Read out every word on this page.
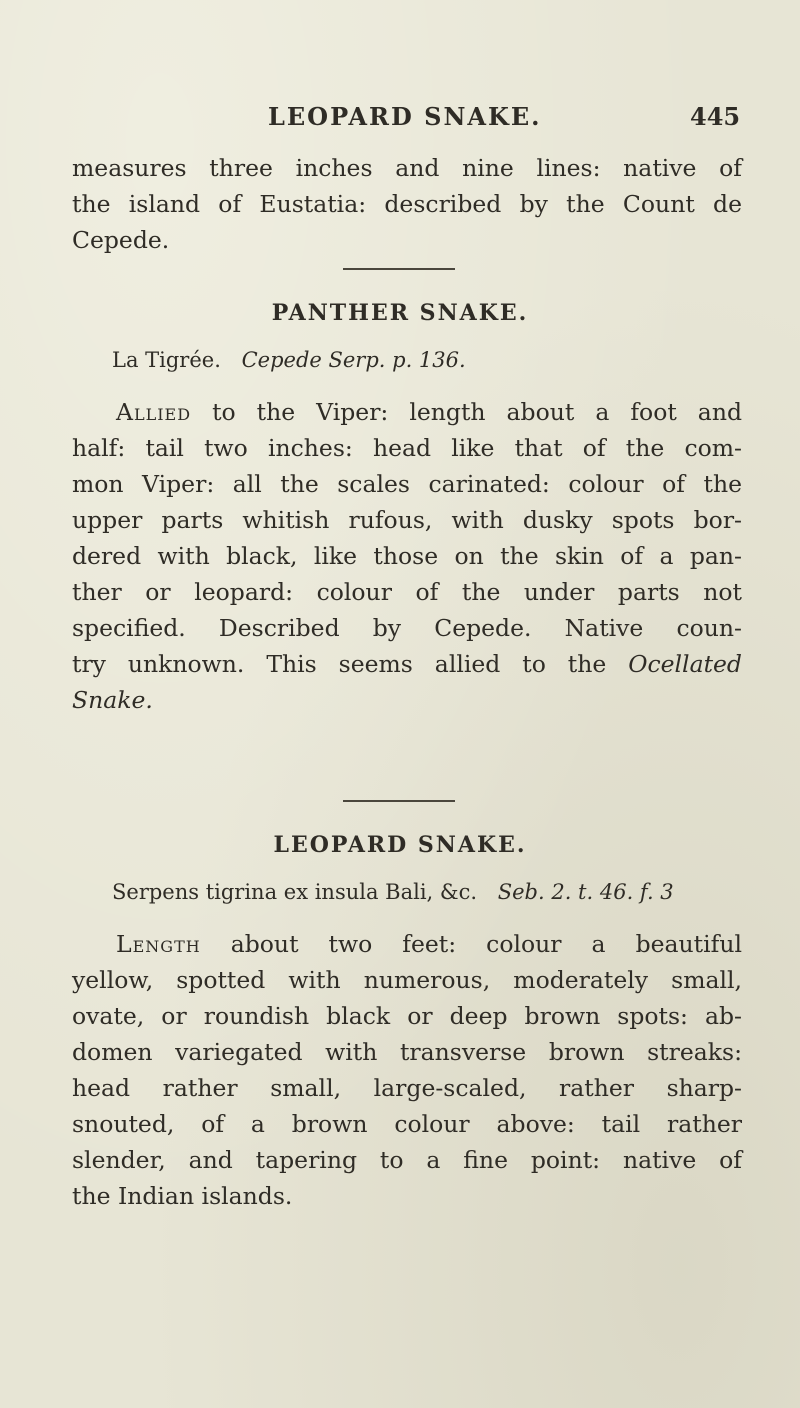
LEOPARD SNAKE.	445
measures three inches and nine lines: native of
the island of Eustatia: described by the Count de
Cepede.
PANTHER SNAKE.
La Tigrée. Cepede Serp. p. 136.
Allied to the Viper: length about a foot and
half: tail two inches: head like that of the com-
mon Viper: all the scales carinated: colour of the
upper parts whitish rufous, with dusky spots bor-
dered with black, like those on the skin of a pan-
ther or leopard: colour of the under parts not
specified. Described by Cepede. Native coun-
try unknown. This seems allied to the Ocellated
Snake.
LEOPARD SNAKE.
Serpens tigrina ex insula Bali, &c. Seb. 2. t. 46. f. 3
Length about two feet: colour a beautiful
yellow, spotted with numerous, moderately small,
ovate, or roundish black or deep brown spots: ab-
domen variegated with transverse brown streaks:
head rather small, large-scaled, rather sharp-
snouted, of a brown colour above: tail rather
slender, and tapering to a fine point: native of
the Indian islands.
